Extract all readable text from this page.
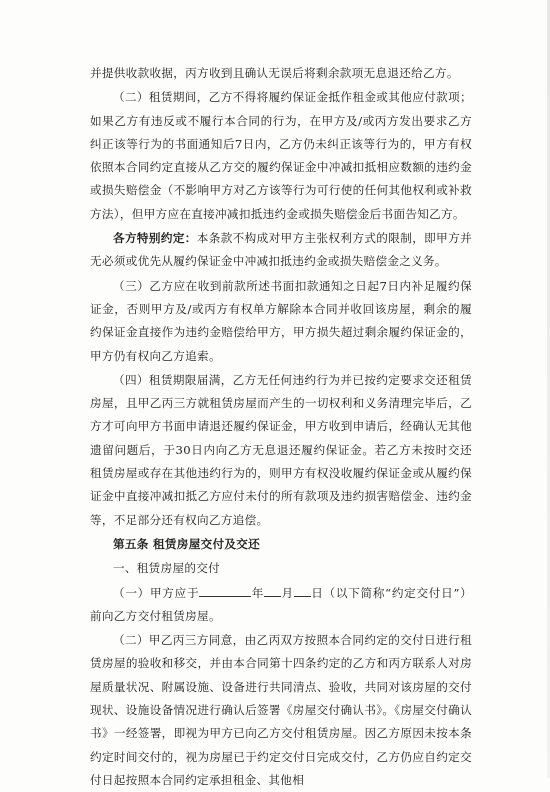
并提供收款收据，丙方收到且确认无误后将剩余款项无息退还给乙方。

（二）租赁期间，乙方不得将履约保证金抵作租金或其他应付款项；如果乙方有违反或不履行本合同的行为，在甲方及/或丙方发出要求乙方纠正该等行为的书面通知后7日内，乙方仍未纠正该等行为的，甲方有权依照本合同约定直接从乙方交的履约保证金中冲减扣抵相应数额的违约金或损失赔偿金（不影响甲方对乙方该等行为可行使的任何其他权利或补救方法），但甲方应在直接冲减扣抵违约金或损失赔偿金后书面告知乙方。

各方特别约定：本条款不构成对甲方主张权利方式的限制，即甲方并无必须或优先从履约保证金中冲减扣抵违约金或损失赔偿金之义务。

（三）乙方应在收到前款所述书面扣款通知之日起7日内补足履约保证金，否则甲方及/或丙方有权单方解除本合同并收回该房屋，剩余的履约保证金直接作为违约金赔偿给甲方，甲方损失超过剩余履约保证金的，甲方仍有权向乙方追索。

（四）租赁期限届满，乙方无任何违约行为并已按约定要求交还租赁房屋，且甲乙丙三方就租赁房屋而产生的一切权利和义务清理完毕后，乙方才可向甲方书面申请退还履约保证金，甲方收到申请后，经确认无其他遗留问题后，于30日内向乙方无息退还履约保证金。若乙方未按时交还租赁房屋或存在其他违约行为的，则甲方有权没收履约保证金或从履约保证金中直接冲减扣抵乙方应付未付的所有款项及违约损害赔偿金、违约金等，不足部分还有权向乙方追偿。

第五条 租赁房屋交付及交还

一、租赁房屋的交付

（一）甲方应于	年 月 日（以下简称“约定交付日”）前向乙方交付租赁房屋。

（二）甲乙丙三方同意，由乙丙双方按照本合同约定的交付日进行租赁房屋的验收和移交，并由本合同第十四条约定的乙方和丙方联系人对房屋质量状况、附属设施、设备进行共同清点、验收，共同对该房屋的交付现状、设施设备情况进行确认后签署《房屋交付确认书》。《房屋交付确认书》一经签署，即视为甲方已向乙方交付租赁房屋。因乙方原因未按本条约定时间交付的，视为房屋已于约定交付日完成交付，乙方仍应自约定交付日起按照本合同约定承担租金、其他相
